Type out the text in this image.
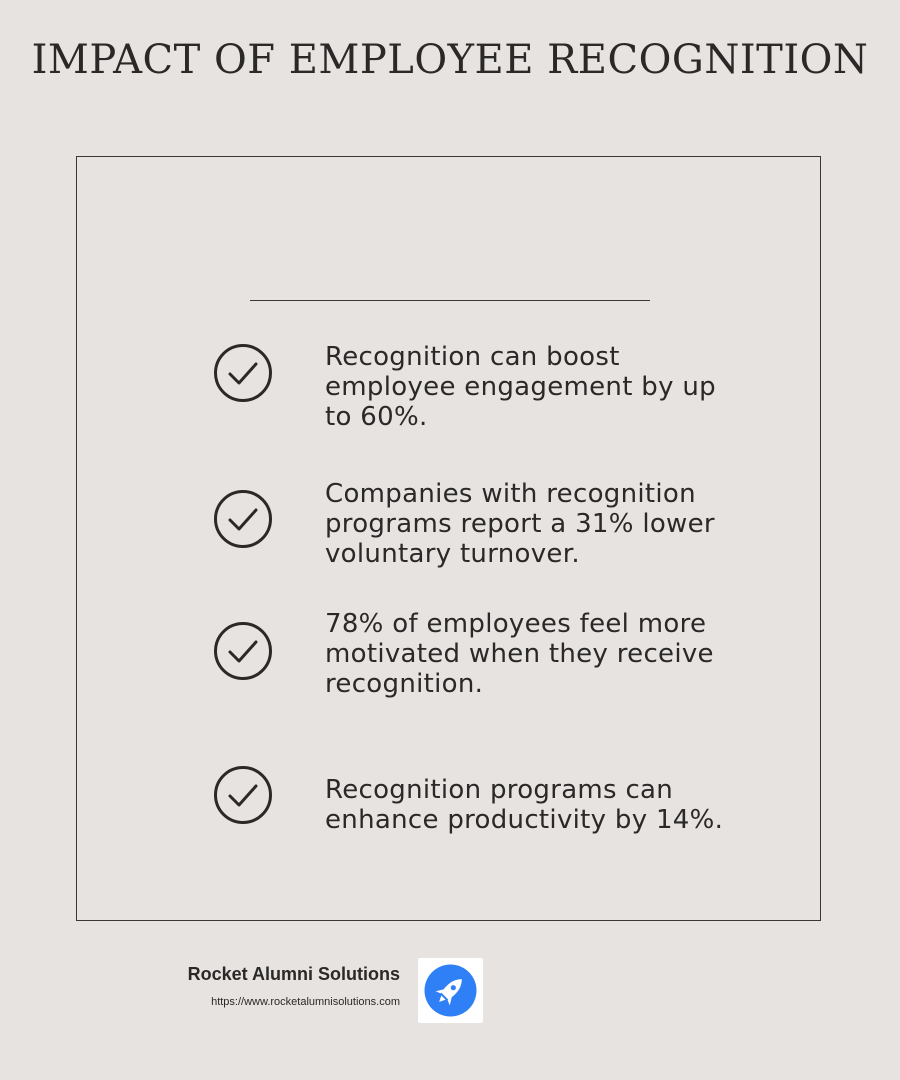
IMPACT OF EMPLOYEE RECOGNITION
Recognition can boost employee engagement by up to 60%.
Companies with recognition programs report a 31% lower voluntary turnover.
78% of employees feel more motivated when they receive recognition.
Recognition programs can enhance productivity by 14%.
Rocket Alumni Solutions
https://www.rocketalumnisolutions.com
